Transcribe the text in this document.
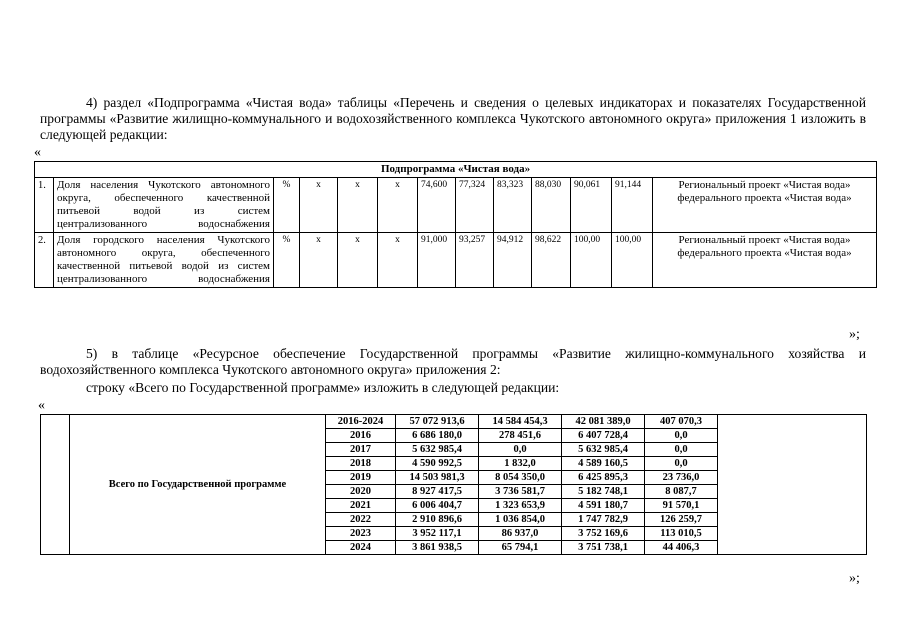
4) раздел «Подпрограмма «Чистая вода» таблицы «Перечень и сведения о целевых индикаторах и показателях Государственной программы «Развитие жилищно-коммунального и водохозяйственного комплекса Чукотского автономного округа» приложения 1 изложить в следующей редакции:
«
Подпрограмма «Чистая вода»												
1.	Доля населения Чукотского автономного округа, обеспеченного качественной питьевой водой из систем централизованного водоснабжения	%	x	x	x	74,600	77,324	83,323	88,030	90,061	91,144	Региональный проект «Чистая вода» федерального проекта «Чистая вода»
2.	Доля городского населения Чукотского автономного округа, обеспеченного качественной питьевой водой из систем централизованного водоснабжения	%	x	x	x	91,000	93,257	94,912	98,622	100,00	100,00	Региональный проект «Чистая вода» федерального проекта «Чистая вода»
»;
5) в таблице «Ресурсное обеспечение Государственной программы «Развитие жилищно-коммунального хозяйства и водохозяйственного комплекса Чукотского автономного округа» приложения 2:
строку «Всего по Государственной программе» изложить в следующей редакции:
«
	Всего по Государственной программе	2016-2024	57 072 913,6	14 584 454,3	42 081 389,0	407 070,3	
		2016	6 686 180,0	278 451,6	6 407 728,4	0,0	
		2017	5 632 985,4	0,0	5 632 985,4	0,0	
		2018	4 590 992,5	1 832,0	4 589 160,5	0,0	
		2019	14 503 981,3	8 054 350,0	6 425 895,3	23 736,0	
		2020	8 927 417,5	3 736 581,7	5 182 748,1	8 087,7	
		2021	6 006 404,7	1 323 653,9	4 591 180,7	91 570,1	
		2022	2 910 896,6	1 036 854,0	1 747 782,9	126 259,7	
		2023	3 952 117,1	86 937,0	3 752 169,6	113 010,5	
		2024	3 861 938,5	65 794,1	3 751 738,1	44 406,3	
»;
